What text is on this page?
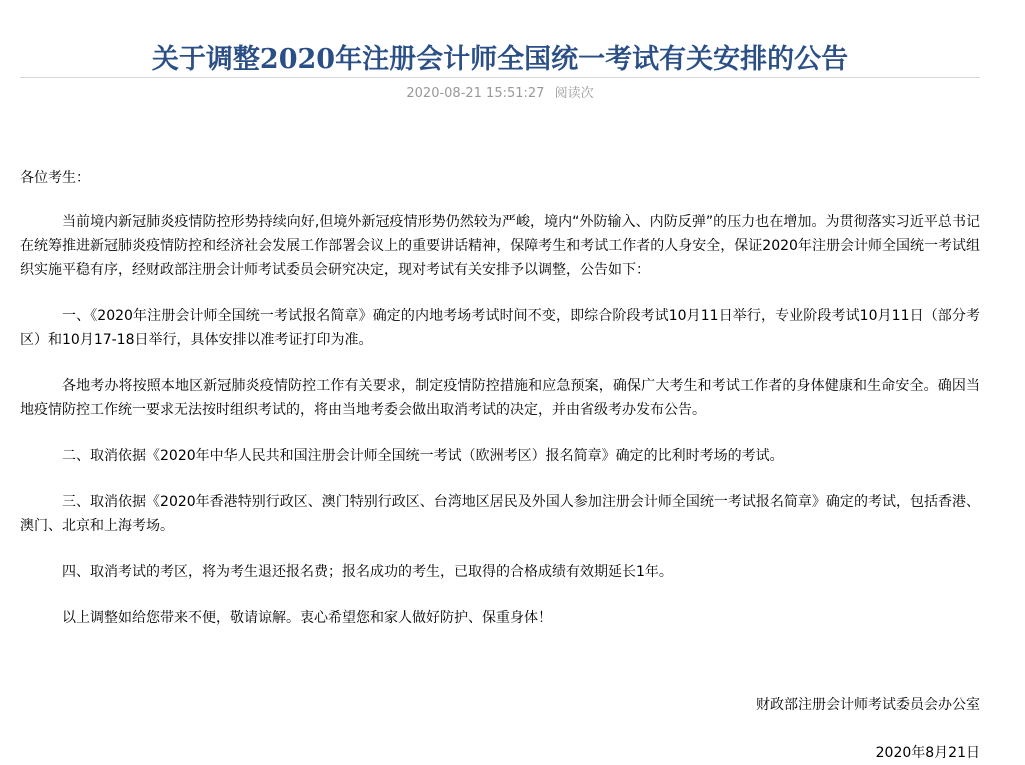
关于调整2020年注册会计师全国统一考试有关安排的公告
2020-08-21 15:51:27 阅读次

各位考生：

当前境内新冠肺炎疫情防控形势持续向好,但境外新冠疫情形势仍然较为严峻，境内“外防输入、内防反弹”的压力也在增加。为贯彻落实习近平总书记在统筹推进新冠肺炎疫情防控和经济社会发展工作部署会议上的重要讲话精神，保障考生和考试工作者的人身安全，保证2020年注册会计师全国统一考试组织实施平稳有序，经财政部注册会计师考试委员会研究决定，现对考试有关安排予以调整，公告如下：

一、《2020年注册会计师全国统一考试报名简章》确定的内地考场考试时间不变，即综合阶段考试10月11日举行，专业阶段考试10月11日（部分考区）和10月17-18日举行，具体安排以准考证打印为准。

各地考办将按照本地区新冠肺炎疫情防控工作有关要求，制定疫情防控措施和应急预案，确保广大考生和考试工作者的身体健康和生命安全。确因当地疫情防控工作统一要求无法按时组织考试的，将由当地考委会做出取消考试的决定，并由省级考办发布公告。

二、取消依据《2020年中华人民共和国注册会计师全国统一考试（欧洲考区）报名简章》确定的比利时考场的考试。

三、取消依据《2020年香港特别行政区、澳门特别行政区、台湾地区居民及外国人参加注册会计师全国统一考试报名简章》确定的考试，包括香港、澳门、北京和上海考场。

四、取消考试的考区，将为考生退还报名费；报名成功的考生，已取得的合格成绩有效期延长1年。

以上调整如给您带来不便，敬请谅解。衷心希望您和家人做好防护、保重身体！

财政部注册会计师考试委员会办公室
2020年8月21日
